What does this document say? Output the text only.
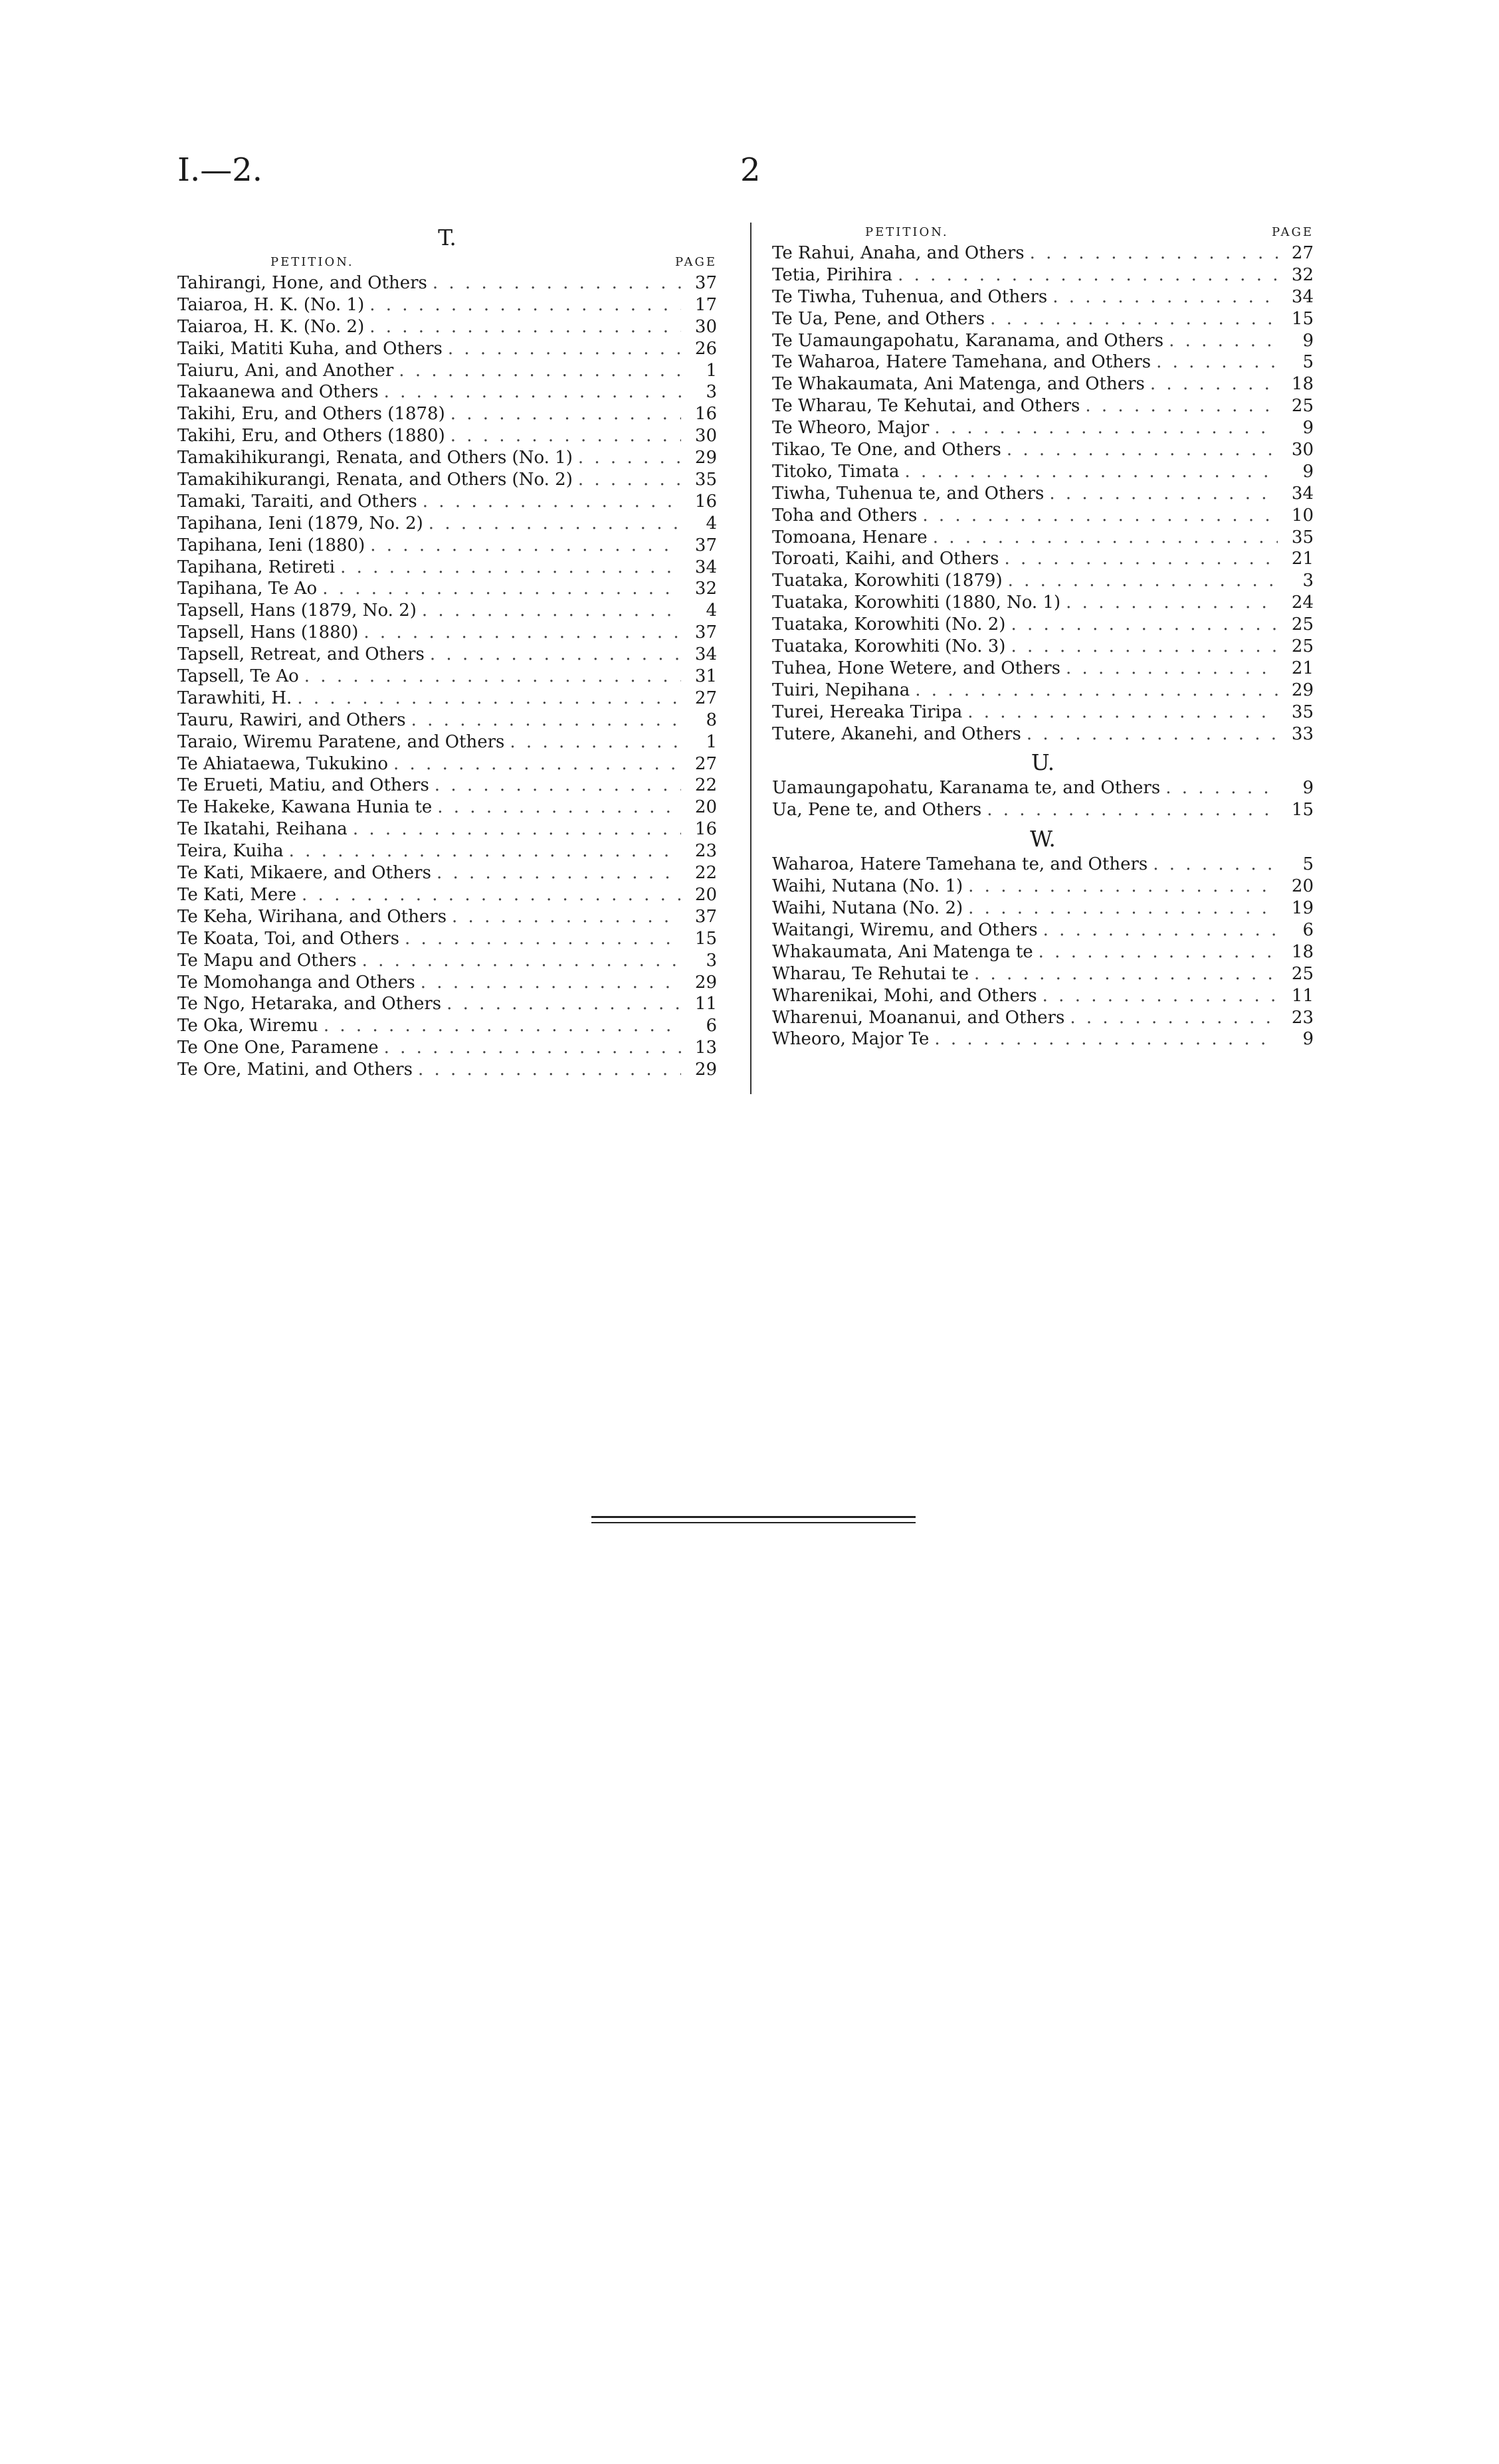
I.—2.	2
T.
PETITION.	PAGE
Tahirangi, Hone, and Others . . .	37
Taiaroa, H. K. (No. 1) . . .	17
Taiaroa, H. K. (No. 2) . . .	30
Taiki, Matiti Kuha, and Others . . .	26
Taiuru, Ani, and Another . . .	1
Takaanewa and Others . . .	3
Takihi, Eru, and Others (1878) . . .	16
Takihi, Eru, and Others (1880) . . .	30
Tamakihikurangi, Renata, and Others (No. 1) . . .	29
Tamakihikurangi, Renata, and Others (No. 2) . . .	35
Tamaki, Taraiti, and Others . . .	16
Tapihana, Ieni (1879, No. 2) . . .	4
Tapihana, Ieni (1880) . . .	37
Tapihana, Retireti . . .	34
Tapihana, Te Ao . . .	32
Tapsell, Hans (1879, No. 2) . . .	4
Tapsell, Hans (1880) . . .	37
Tapsell, Retreat, and Others . . .	34
Tapsell, Te Ao . . .	31
Tarawhiti, H. . . .	27
Tauru, Rawiri, and Others . . .	8
Taraio, Wiremu Paratene, and Others . . .	1
Te Ahiataewa, Tukukino . . .	27
Te Erueti, Matiu, and Others . . .	22
Te Hakeke, Kawana Hunia te . . .	20
Te Ikatahi, Reihana . . .	16
Teira, Kuiha . . .	23
Te Kati, Mikaere, and Others . . .	22
Te Kati, Mere . . .	20
Te Keha, Wirihana, and Others . . .	37
Te Koata, Toi, and Others . . .	15
Te Mapu and Others . . .	3
Te Momohanga and Others . . .	29
Te Ngo, Hetaraka, and Others . . .	11
Te Oka, Wiremu . . .	6
Te One One, Paramene . . .	13
Te Ore, Matini, and Others . . .	29
PETITION.	PAGE
Te Rahui, Anaha, and Others . . .	27
Tetia, Pirihira . . .	32
Te Tiwha, Tuhenua, and Others . . .	34
Te Ua, Pene, and Others . . .	15
Te Uamaungapohatu, Karanama, and Others . . .	9
Te Waharoa, Hatere Tamehana, and Others . . .	5
Te Whakaumata, Ani Matenga, and Others . . .	18
Te Wharau, Te Kehutai, and Others . . .	25
Te Wheoro, Major . . .	9
Tikao, Te One, and Others . . .	30
Titoko, Timata . . .	9
Tiwha, Tuhenua te, and Others . . .	34
Toha and Others . . .	10
Tomoana, Henare . . .	35
Toroati, Kaihi, and Others . . .	21
Tuataka, Korowhiti (1879) . . .	3
Tuataka, Korowhiti (1880, No. 1) . . .	24
Tuataka, Korowhiti (No. 2) . . .	25
Tuataka, Korowhiti (No. 3) . . .	25
Tuhea, Hone Wetere, and Others . . .	21
Tuiri, Nepihana . . .	29
Turei, Hereaka Tiripa . . .	35
Tutere, Akanehi, and Others . . .	33
U.
Uamaungapohatu, Karanama te, and Others . . .	9
Ua, Pene te, and Others . . .	15
W.
Waharoa, Hatere Tamehana te, and Others . . .	5
Waihi, Nutana (No. 1) . . .	20
Waihi, Nutana (No. 2) . . .	19
Waitangi, Wiremu, and Others . . .	6
Whakaumata, Ani Matenga te . . .	18
Wharau, Te Rehutai te . . .	25
Wharenikai, Mohi, and Others . . .	11
Wharenui, Moananui, and Others . . .	23
Wheoro, Major Te . . .	9
